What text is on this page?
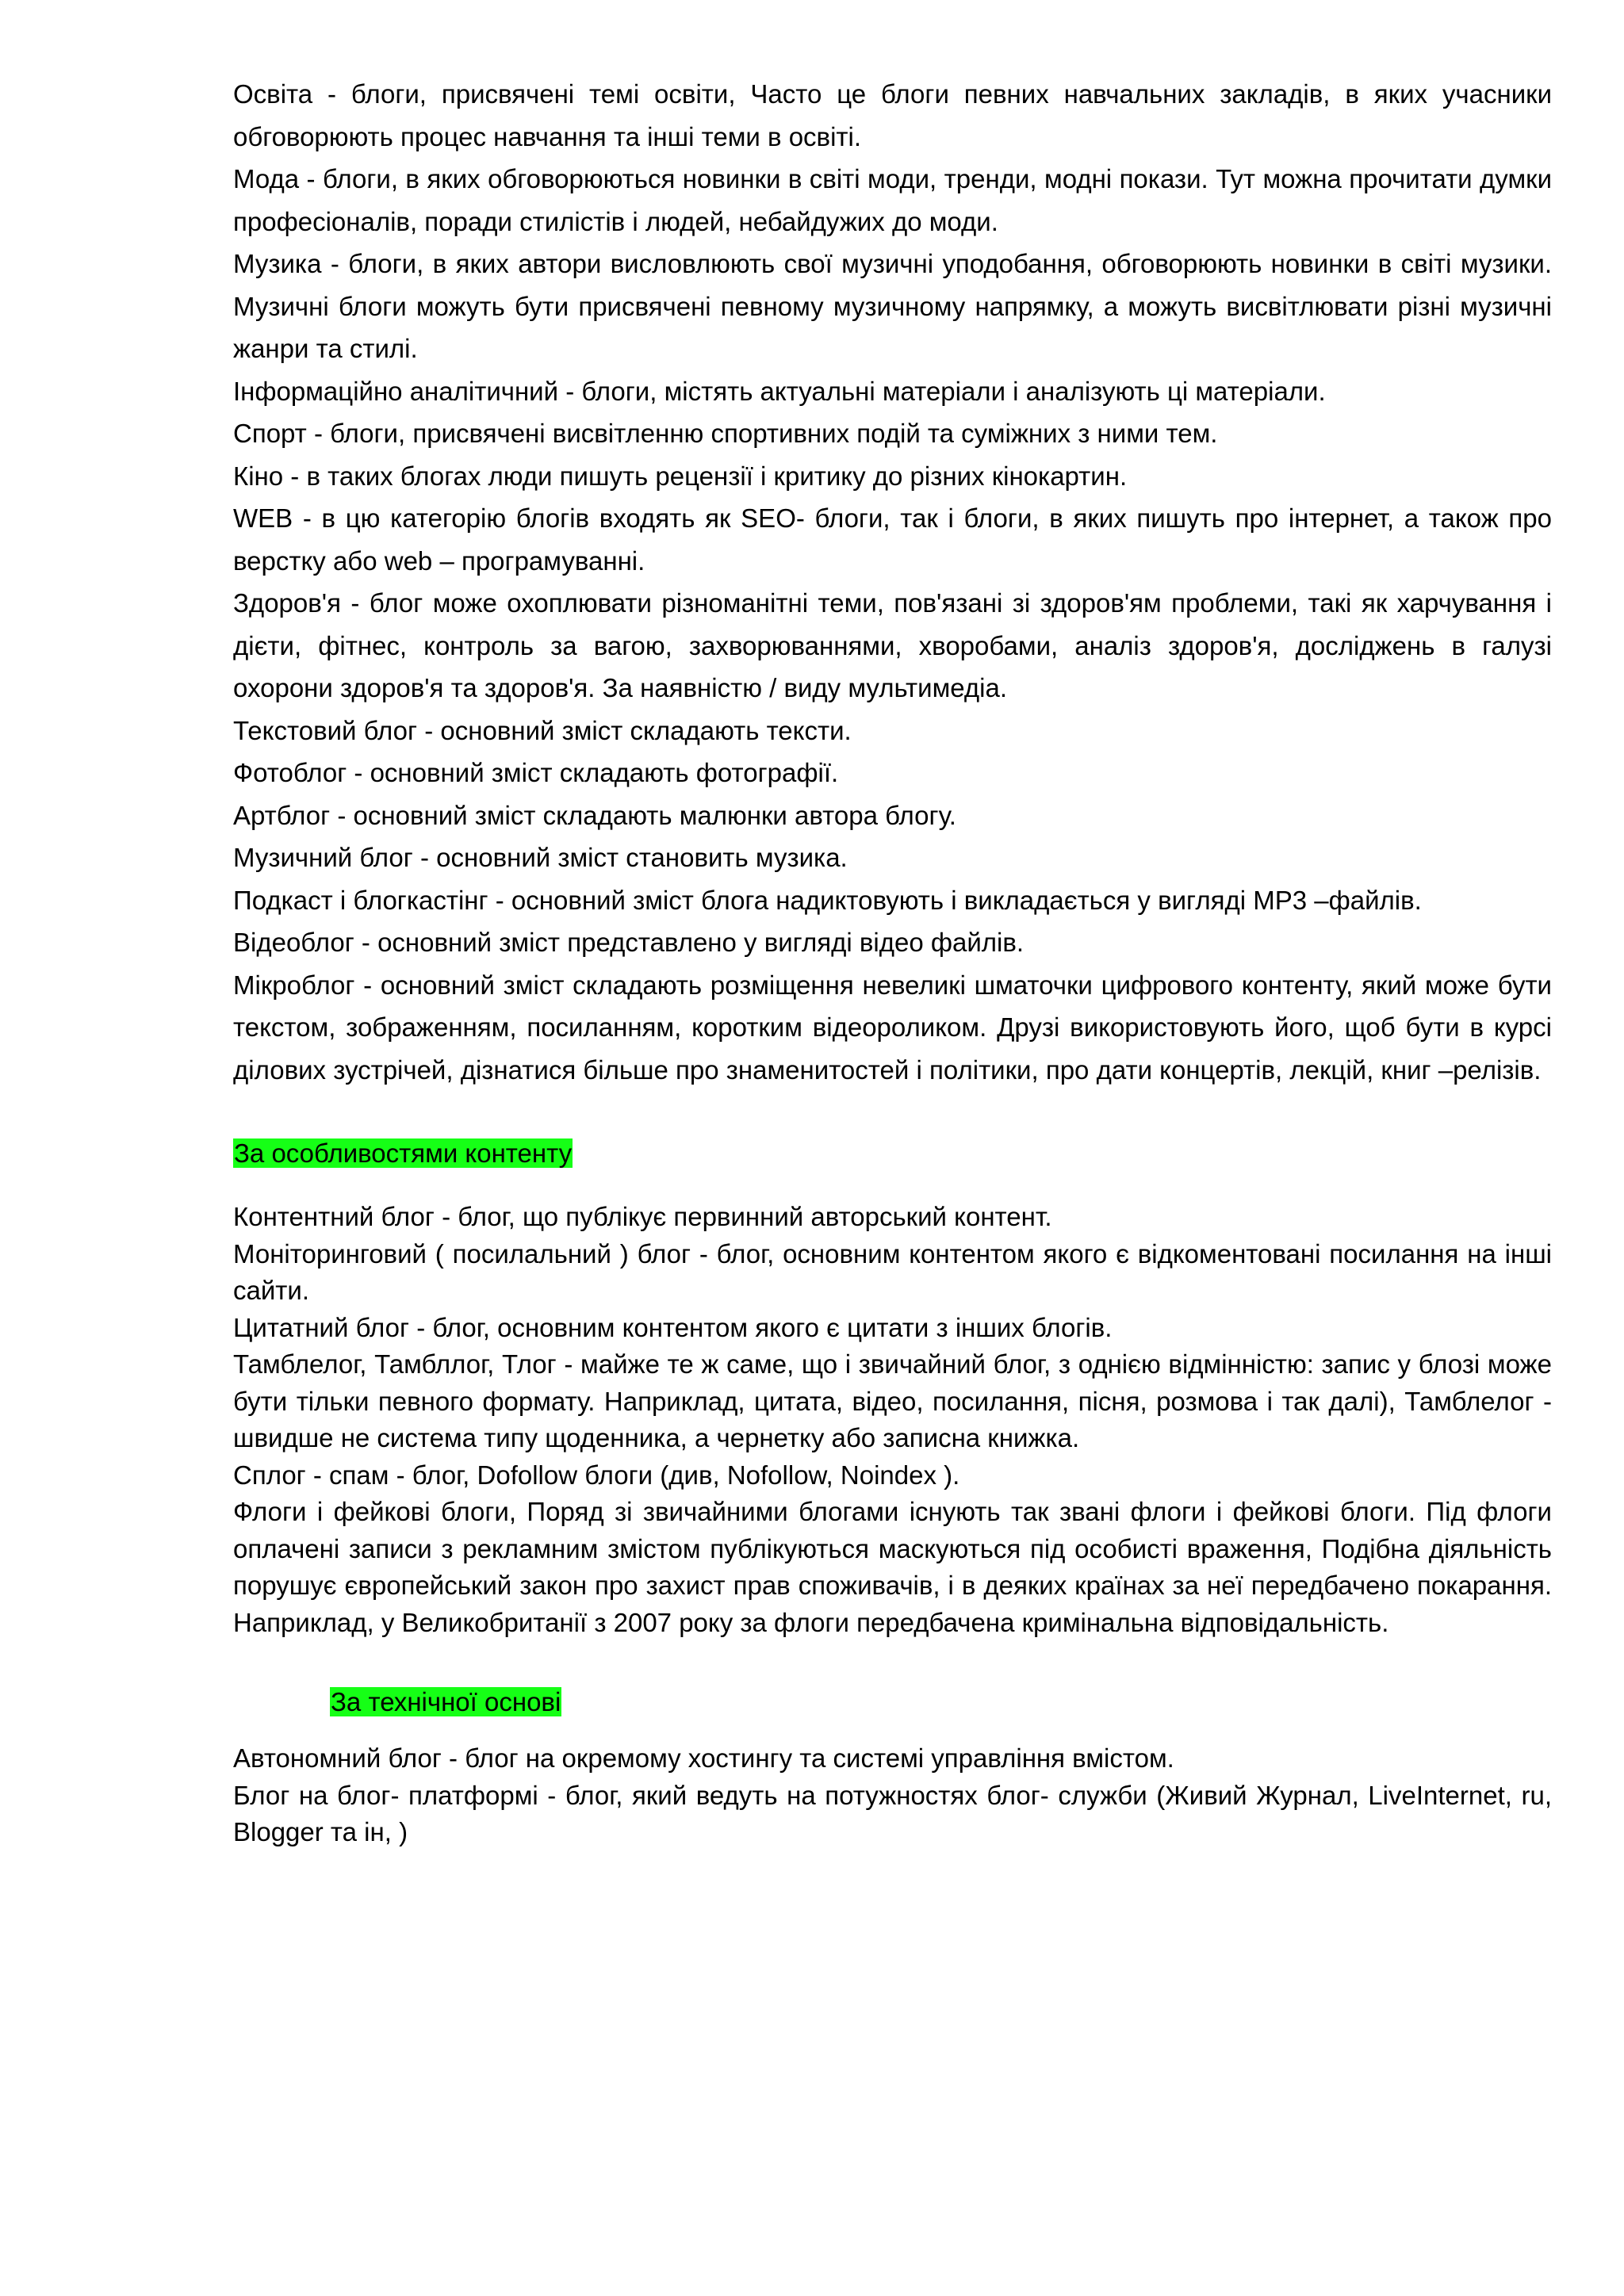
Освіта - блоги, присвячені темі освіти, Часто це блоги певних навчальних закладів, в яких учасники обговорюють процес навчання та інші теми в освіті.

Мода - блоги, в яких обговорюються новинки в світі моди, тренди, модні покази. Тут можна прочитати думки професіоналів, поради стилістів і людей, небайдужих до моди.

Музика - блоги, в яких автори висловлюють свої музичні уподобання, обговорюють новинки в світі музики. Музичні блоги можуть бути присвячені певному музичному напрямку, а можуть висвітлювати різні музичні жанри та стилі.

Інформаційно аналітичний - блоги, містять актуальні матеріали і аналізують ці матеріали.

Спорт - блоги, присвячені висвітленню спортивних подій та суміжних з ними тем.

Кіно - в таких блогах люди пишуть рецензії і критику до різних кінокартин.

WEB - в цю категорію блогів входять як SEO- блоги, так і блоги, в яких пишуть про інтернет, а також про верстку або web – програмуванні.

Здоров'я - блог може охоплювати різноманітні теми, пов'язані зі здоров'ям проблеми, такі як харчування і дієти, фітнес, контроль за вагою, захворюваннями, хворобами, аналіз здоров'я, досліджень в галузі охорони здоров'я та здоров'я. За наявністю / виду мультимедіа.

Текстовий блог - основний зміст складають тексти.

Фотоблог - основний зміст складають фотографії.

Артблог - основний зміст складають малюнки автора блогу.

Музичний блог - основний зміст становить музика.

Подкаст і блогкастінг - основний зміст блога надиктовують і викладається у вигляді MP3 –файлів.

Відеоблог - основний зміст представлено у вигляді відео файлів.

Мікроблог - основний зміст складають розміщення невеликі шматочки цифрового контенту, який може бути текстом, зображенням, посиланням, коротким відеороликом. Друзі використовують його, щоб бути в курсі ділових зустрічей, дізнатися більше про знаменитостей і політики, про дати концертів, лекцій, книг –релізів.

За особливостями контенту

Контентний блог - блог, що публікує первинний авторський контент.

Моніторинговий ( посилальний ) блог - блог, основним контентом якого є відкоментовані посилання на інші сайти.

Цитатний блог - блог, основним контентом якого є цитати з інших блогів.

Тамблелог, Тамбллог, Тлог - майже те ж саме, що і звичайний блог, з однією відмінністю: запис у блозі може бути тільки певного формату. Наприклад, цитата, відео, посилання, пісня, розмова і так далі), Тамблелог - швидше не система типу щоденника, а чернетку або записна книжка.

Сплог - спам - блог, Dofollow блоги (див, Nofollow, Noindex ).

Флоги і фейкові блоги, Поряд зі звичайними блогами існують так звані флоги і фейкові блоги. Під флоги оплачені записи з рекламним змістом публікуються маскуються під особисті враження, Подібна діяльність порушує європейський закон про захист прав споживачів, і в деяких країнах за неї передбачено покарання. Наприклад, у Великобританії з 2007 року за флоги передбачена кримінальна відповідальність.

За технічної основі

Автономний блог - блог на окремому хостингу та системі управління вмістом.

Блог на блог- платформі - блог, який ведуть на потужностях блог- служби (Живий Журнал, LiveInternet, ru, Blogger та ін, )
